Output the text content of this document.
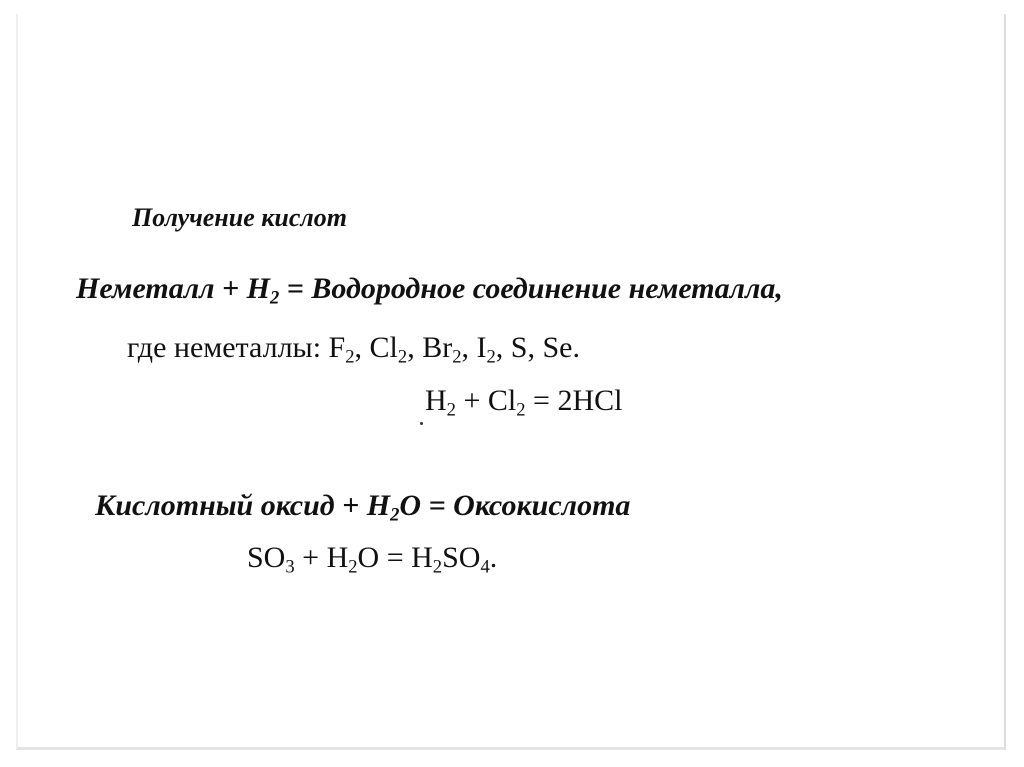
Получение кислот
Неметалл + $H_2$ = Водородное соединение неметалла,
где неметаллы: $F_2$, $Cl_2$, $Br_2$, $I_2$, S, Se.
$H_2 + Cl_2 = 2HCl$
Кислотный оксид + $H_2O$ = Оксокислота
$SO_3 + H_2O = H_2SO_4$.
